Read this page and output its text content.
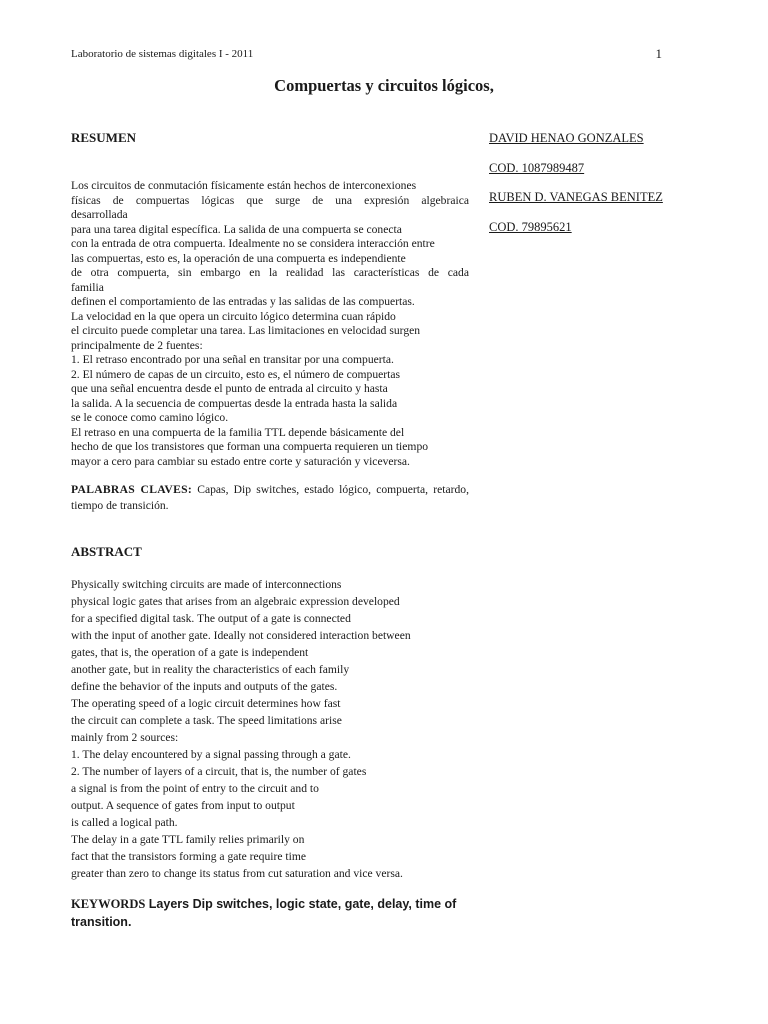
Laboratorio de sistemas digitales I - 2011	1
Compuertas y circuitos lógicos,
DAVID HENAO GONZALES
COD. 1087989487
RUBEN D. VANEGAS BENITEZ
COD. 79895621
RESUMEN
Los circuitos de conmutación físicamente están hechos de interconexiones
físicas de compuertas lógicas que surge de una expresión algebraica
desarrollada
para una tarea digital específica. La salida de una compuerta se conecta
con la entrada de otra compuerta. Idealmente no se considera interacción entre
las compuertas, esto es, la operación de una compuerta es independiente
de otra compuerta, sin embargo en la realidad las características de cada
familia
definen el comportamiento de las entradas y las salidas de las compuertas.
La velocidad en la que opera un circuito lógico determina cuan rápido
el circuito puede completar una tarea. Las limitaciones en velocidad surgen
principalmente de 2 fuentes:
1. El retraso encontrado por una señal en transitar por una compuerta.
2. El número de capas de un circuito, esto es, el número de compuertas
que una señal encuentra desde el punto de entrada al circuito y hasta
la salida. A la secuencia de compuertas desde la entrada hasta la salida
se le conoce como camino lógico.
El retraso en una compuerta de la familia TTL depende básicamente del
hecho de que los transistores que forman una compuerta requieren un tiempo
mayor a cero para cambiar su estado entre corte y saturación y viceversa.
PALABRAS CLAVES: Capas, Dip switches, estado lógico, compuerta, retardo, tiempo de transición.
ABSTRACT
Physically switching circuits are made of interconnections
physical logic gates that arises from an algebraic expression developed
for a specified digital task. The output of a gate is connected
with the input of another gate. Ideally not considered interaction between
gates, that is, the operation of a gate is independent
another gate, but in reality the characteristics of each family
define the behavior of the inputs and outputs of the gates.
The operating speed of a logic circuit determines how fast
the circuit can complete a task. The speed limitations arise
mainly from 2 sources:
1. The delay encountered by a signal passing through a gate.
2. The number of layers of a circuit, that is, the number of gates
a signal is from the point of entry to the circuit and to
output. A sequence of gates from input to output
is called a logical path.
The delay in a gate TTL family relies primarily on
fact that the transistors forming a gate require time
greater than zero to change its status from cut saturation and vice versa.
KEYWORDS Layers Dip switches, logic state, gate, delay, time of transition.
